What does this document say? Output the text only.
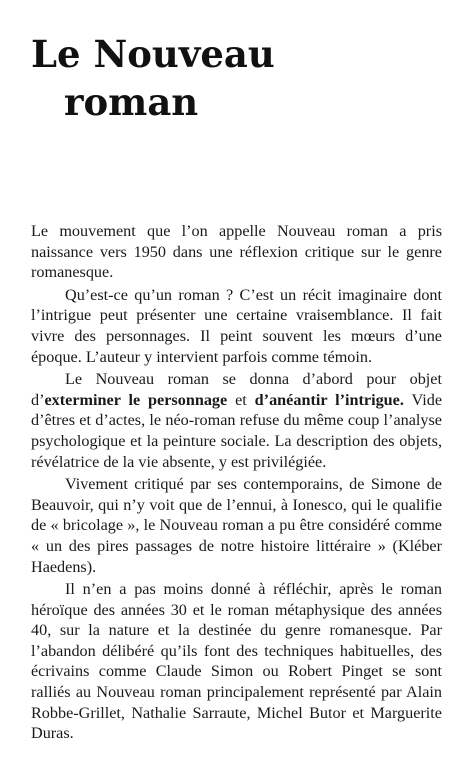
Le Nouveau
roman

Le mouvement que l’on appelle Nouveau roman a pris naissance vers 1950 dans une réflexion critique sur le genre romanesque.

Qu’est-ce qu’un roman ? C’est un récit imaginaire dont l’intrigue peut présenter une certaine vraisemblance. Il fait vivre des personnages. Il peint souvent les mœurs d’une époque. L’auteur y intervient parfois comme témoin.

Le Nouveau roman se donna d’abord pour objet d’exterminer le personnage et d’anéantir l’intrigue. Vide d’êtres et d’actes, le néo-roman refuse du même coup l’analyse psychologique et la peinture sociale. La description des objets, révélatrice de la vie absente, y est privilégiée.

Vivement critiqué par ses contemporains, de Simone de Beauvoir, qui n’y voit que de l’ennui, à Ionesco, qui le qualifie de « bricolage », le Nouveau roman a pu être considéré comme « un des pires passages de notre histoire littéraire » (Kléber Haedens).

Il n’en a pas moins donné à réfléchir, après le roman héroïque des années 30 et le roman métaphysique des années 40, sur la nature et la destinée du genre romanesque. Par l’abandon délibéré qu’ils font des techniques habituelles, des écrivains comme Claude Simon ou Robert Pinget se sont ralliés au Nouveau roman principalement représenté par Alain Robbe-Grillet, Nathalie Sarraute, Michel Butor et Marguerite Duras.
